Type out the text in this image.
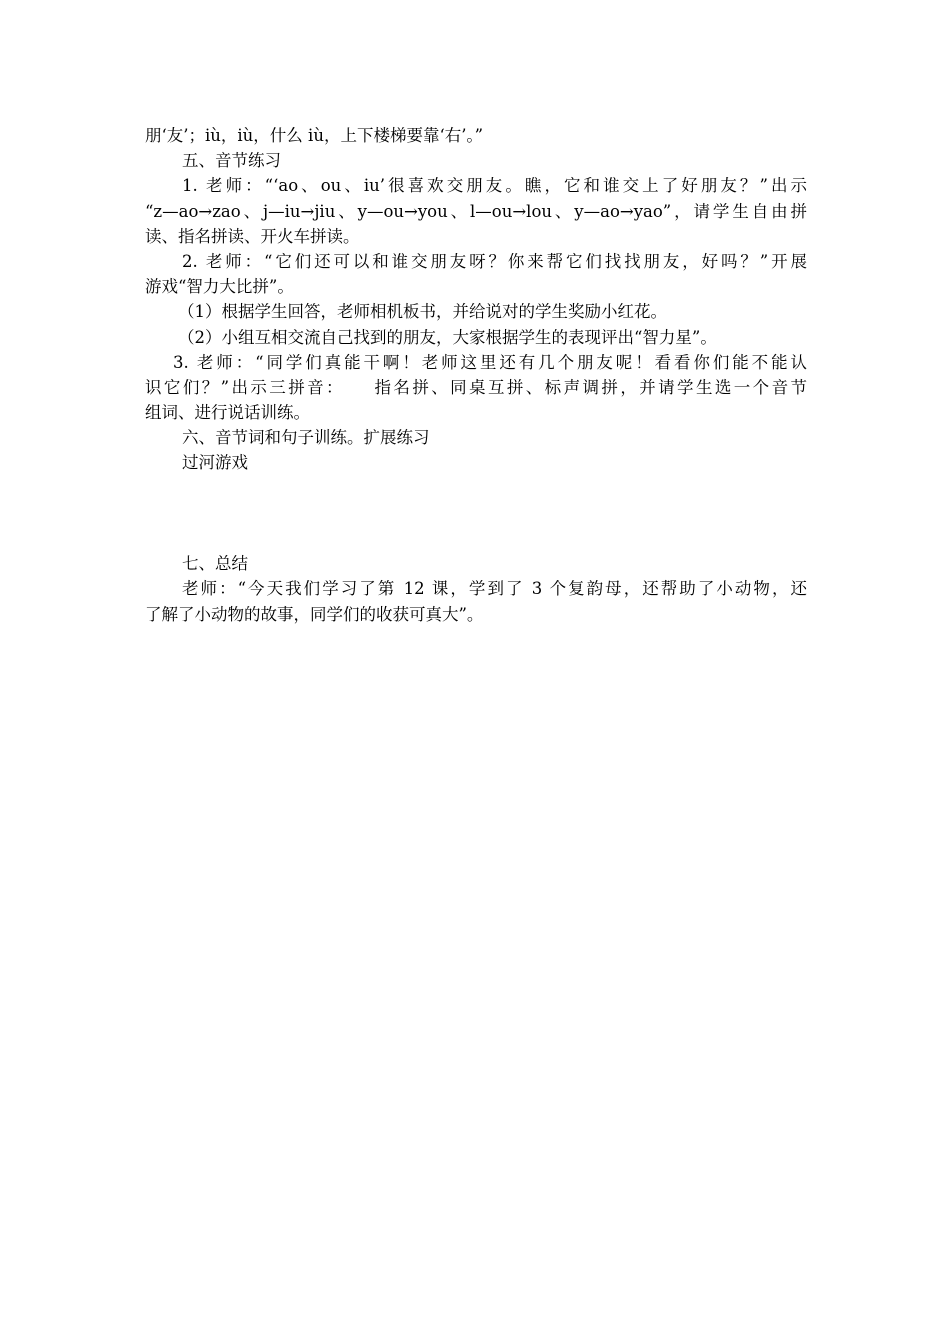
朋‘友’；iù，iù，什么 iù，上下楼梯要靠‘右’。”
五、音节练习
1. 老师：“‘ao、ou、iu’很喜欢交朋友。瞧，它和谁交上了好朋友？”出示
“z—ao→zao、j—iu→jiu、y—ou→you、l—ou→lou、y—ao→yao”，请学生自由拼
读、指名拼读、开火车拼读。
2. 老师：“它们还可以和谁交朋友呀？你来帮它们找找朋友，好吗？”开展
游戏“智力大比拼”。
（1）根据学生回答，老师相机板书，并给说对的学生奖励小红花。
（2）小组互相交流自己找到的朋友，大家根据学生的表现评出“智力星”。
3. 老师：“同学们真能干啊！老师这里还有几个朋友呢！看看你们能不能认
识它们？”出示三拼音：　　指名拼、同桌互拼、标声调拼，并请学生选一个音节
组词、进行说话训练。
六、音节词和句子训练。扩展练习
过河游戏
七、总结
老师：“今天我们学习了第 12 课，学到了 3 个复韵母，还帮助了小动物，还
了解了小动物的故事，同学们的收获可真大”。
